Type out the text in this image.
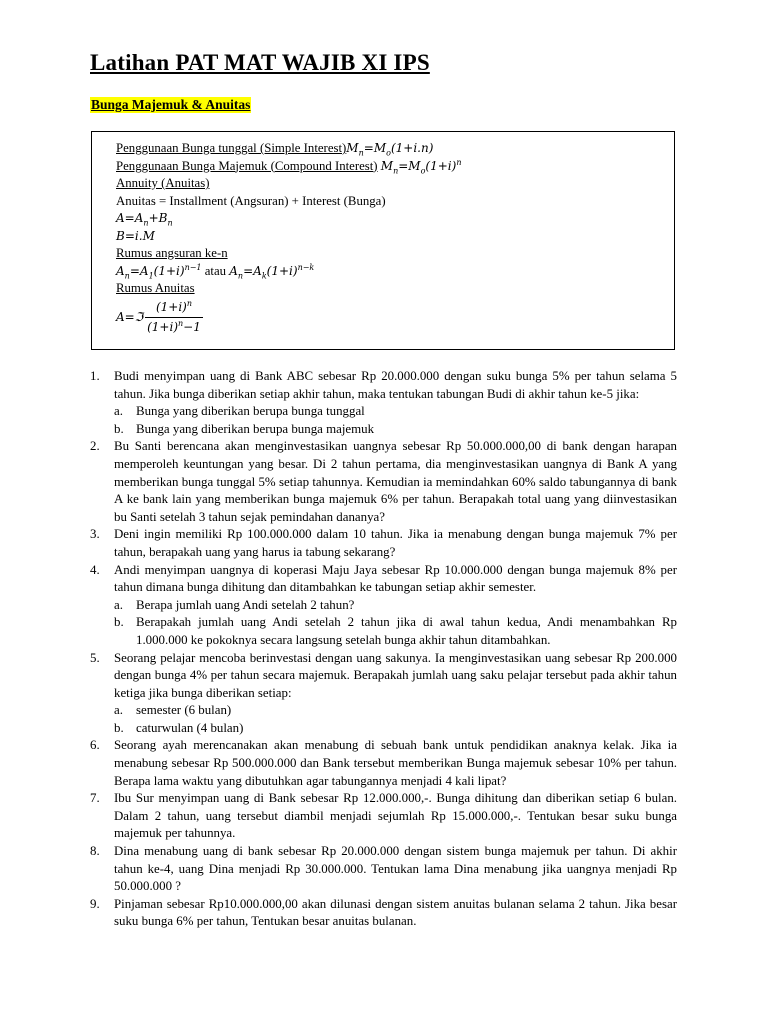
Latihan PAT MAT WAJIB XI IPS
Bunga Majemuk & Anuitas
Penggunaan Bunga tunggal (Simple $Interest)M_n=M_o(1+i.n)$
Penggunaan Bunga Majemuk (Compound Interest) $M_n=M_o(1+i)^n$
Annuity (Anuitas)
Anuitas = Installment (Angsuran) + Interest (Bunga)
$A=A_n+B_n$
B=i.M
Rumus angsuran ke-n
$A_n=A_1(1+i)^{n-1}$ atau $A_n=A_k(1+i)^{n-k}$
Rumus Anuitas
A =ℑ $\frac{(1+i)^n}{(1+i)^n-1}$
1. Budi menyimpan uang di Bank ABC sebesar Rp 20.000.000 dengan suku bunga 5% per tahun selama 5 tahun. Jika bunga diberikan setiap akhir tahun, maka tentukan tabungan Budi di akhir tahun ke-5 jika:
a. Bunga yang diberikan berupa bunga tunggal
b. Bunga yang diberikan berupa bunga majemuk
2. Bu Santi berencana akan menginvestasikan uangnya sebesar Rp 50.000.000,00 di bank dengan harapan memperoleh keuntungan yang besar. Di 2 tahun pertama, dia menginvestasikan uangnya di Bank A yang memberikan bunga tunggal 5% setiap tahunnya. Kemudian ia memindahkan 60% saldo tabungannya di bank A ke bank lain yang memberikan bunga majemuk 6% per tahun. Berapakah total uang yang diinvestasikan bu Santi setelah 3 tahun sejak pemindahan dananya?
3. Deni ingin memiliki Rp 100.000.000 dalam 10 tahun. Jika ia menabung dengan bunga majemuk 7% per tahun, berapakah uang yang harus ia tabung sekarang?
4. Andi menyimpan uangnya di koperasi Maju Jaya sebesar Rp 10.000.000 dengan bunga majemuk 8% per tahun dimana bunga dihitung dan ditambahkan ke tabungan setiap akhir semester.
a. Berapa jumlah uang Andi setelah 2 tahun?
b. Berapakah jumlah uang Andi setelah 2 tahun jika di awal tahun kedua, Andi menambahkan Rp 1.000.000 ke pokoknya secara langsung setelah bunga akhir tahun ditambahkan.
5. Seorang pelajar mencoba berinvestasi dengan uang sakunya. Ia menginvestasikan uang sebesar Rp 200.000 dengan bunga 4% per tahun secara majemuk. Berapakah jumlah uang saku pelajar tersebut pada akhir tahun ketiga jika bunga diberikan setiap:
a. semester (6 bulan)
b. caturwulan (4 bulan)
6. Seorang ayah merencanakan akan menabung di sebuah bank untuk pendidikan anaknya kelak. Jika ia menabung sebesar Rp 500.000.000 dan Bank tersebut memberikan Bunga majemuk sebesar 10% per tahun. Berapa lama waktu yang dibutuhkan agar tabungannya menjadi 4 kali lipat?
7. Ibu Sur menyimpan uang di Bank sebesar Rp 12.000.000,-. Bunga dihitung dan diberikan setiap 6 bulan. Dalam 2 tahun, uang tersebut diambil menjadi sejumlah Rp 15.000.000,-. Tentukan besar suku bunga majemuk per tahunnya.
8. Dina menabung uang di bank sebesar Rp 20.000.000 dengan sistem bunga majemuk per tahun. Di akhir tahun ke-4, uang Dina menjadi Rp 30.000.000. Tentukan lama Dina menabung jika uangnya menjadi Rp 50.000.000 ?
9. Pinjaman sebesar Rp10.000.000,00 akan dilunasi dengan sistem anuitas bulanan selama 2 tahun. Jika besar suku bunga 6% per tahun, Tentukan besar anuitas bulanan.
